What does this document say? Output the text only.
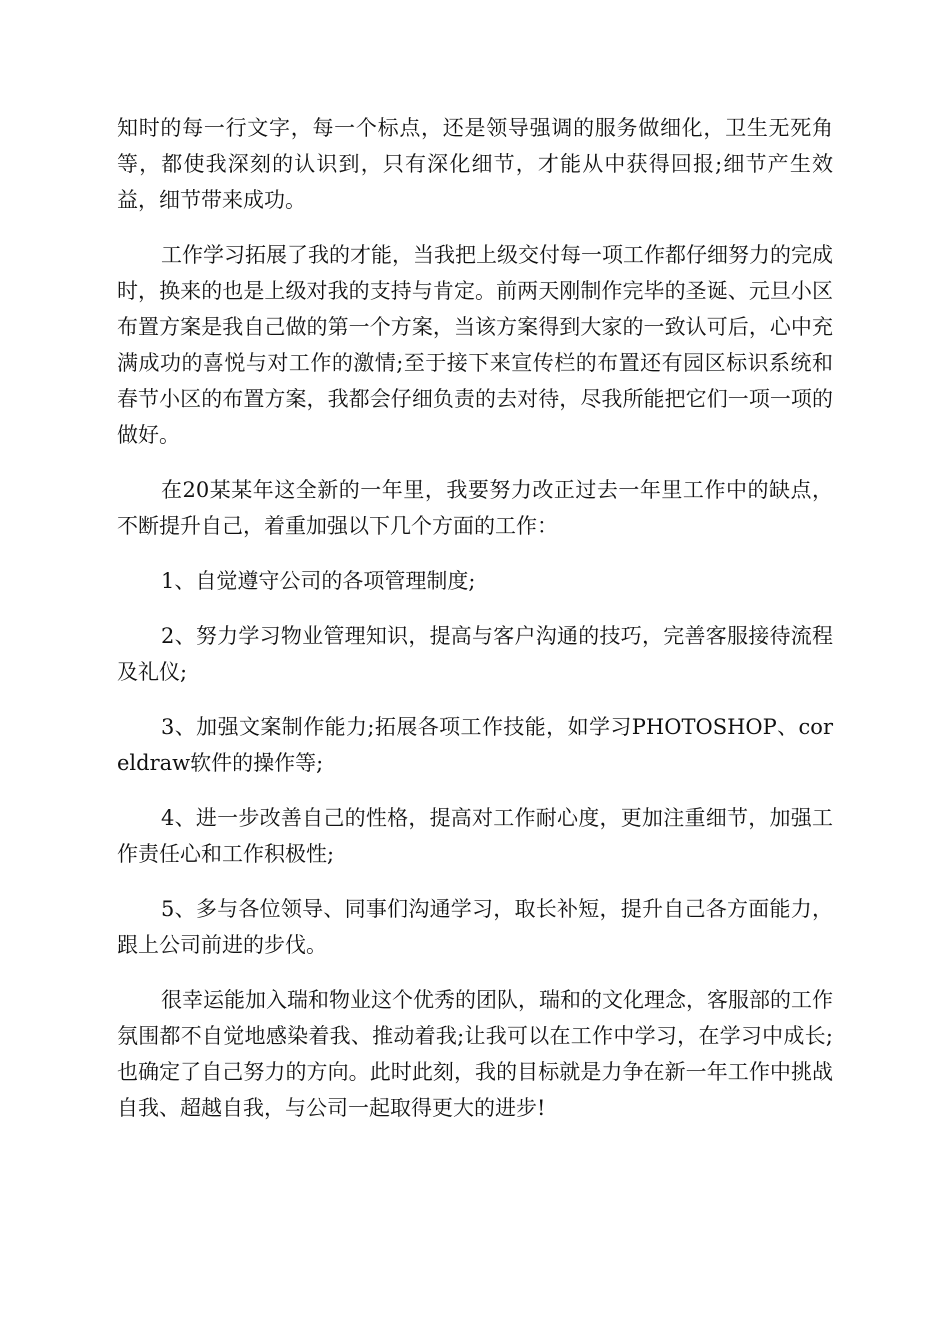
知时的每一行文字，每一个标点，还是领导强调的服务做细化，卫生无死角等，都使我深刻的认识到，只有深化细节，才能从中获得回报;细节产生效益，细节带来成功。

工作学习拓展了我的才能，当我把上级交付每一项工作都仔细努力的完成时，换来的也是上级对我的支持与肯定。前两天刚制作完毕的圣诞、元旦小区布置方案是我自己做的第一个方案，当该方案得到大家的一致认可后，心中充满成功的喜悦与对工作的激情;至于接下来宣传栏的布置还有园区标识系统和春节小区的布置方案，我都会仔细负责的去对待，尽我所能把它们一项一项的做好。

在20某某年这全新的一年里，我要努力改正过去一年里工作中的缺点，不断提升自己，着重加强以下几个方面的工作：

1、自觉遵守公司的各项管理制度;

2、努力学习物业管理知识，提高与客户沟通的技巧，完善客服接待流程及礼仪;

3、加强文案制作能力;拓展各项工作技能，如学习PHOTOSHOP、coreldraw软件的操作等;

4、进一步改善自己的性格，提高对工作耐心度，更加注重细节，加强工作责任心和工作积极性;

5、多与各位领导、同事们沟通学习，取长补短，提升自己各方面能力，跟上公司前进的步伐。

很幸运能加入瑞和物业这个优秀的团队，瑞和的文化理念，客服部的工作氛围都不自觉地感染着我、推动着我;让我可以在工作中学习，在学习中成长;也确定了自己努力的方向。此时此刻，我的目标就是力争在新一年工作中挑战自我、超越自我，与公司一起取得更大的进步!
